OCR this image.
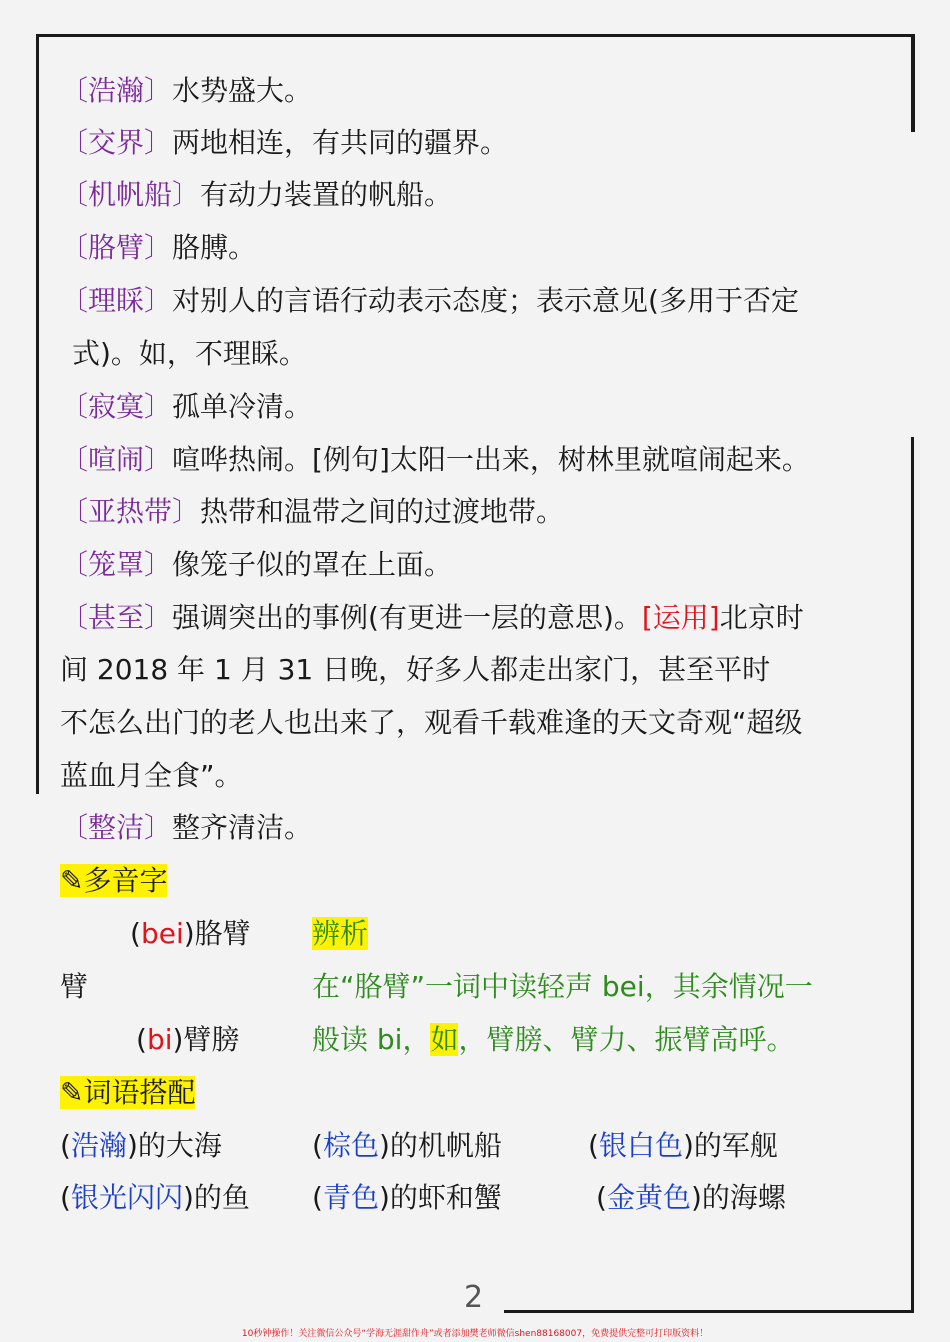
〔浩瀚〕水势盛大。
〔交界〕两地相连，有共同的疆界。
〔机帆船〕有动力装置的帆船。
〔胳臂〕胳膊。
〔理睬〕对别人的言语行动表示态度；表示意见(多用于否定
式)。如，不理睬。
〔寂寞〕孤单冷清。
〔喧闹〕喧哗热闹。[例句]太阳一出来，树林里就喧闹起来。
〔亚热带〕热带和温带之间的过渡地带。
〔笼罩〕像笼子似的罩在上面。
〔甚至〕强调突出的事例(有更进一层的意思)。[运用]北京时
间 2018 年 1 月 31 日晚，好多人都走出家门，甚至平时
不怎么出门的老人也出来了，观看千载难逢的天文奇观“超级
蓝血月全食”。
〔整洁〕整齐清洁。
✎多音字
(bei)胳臂 辨析
臂	在“胳臂”一词中读轻声 bei，其余情况一
(bi)臂膀	般读 bi，如，臂膀、臂力、振臂高呼。
✎词语搭配
(浩瀚)的大海	(棕色)的机帆船	(银白色)的军舰
(银光闪闪)的鱼 (青色)的虾和蟹	(金黄色)的海螺
2
10秒钟操作！关注微信公众号“学海无涯甜作舟”或者添加樊老师微信shen88168007，免费提供完整可打印版资料！
